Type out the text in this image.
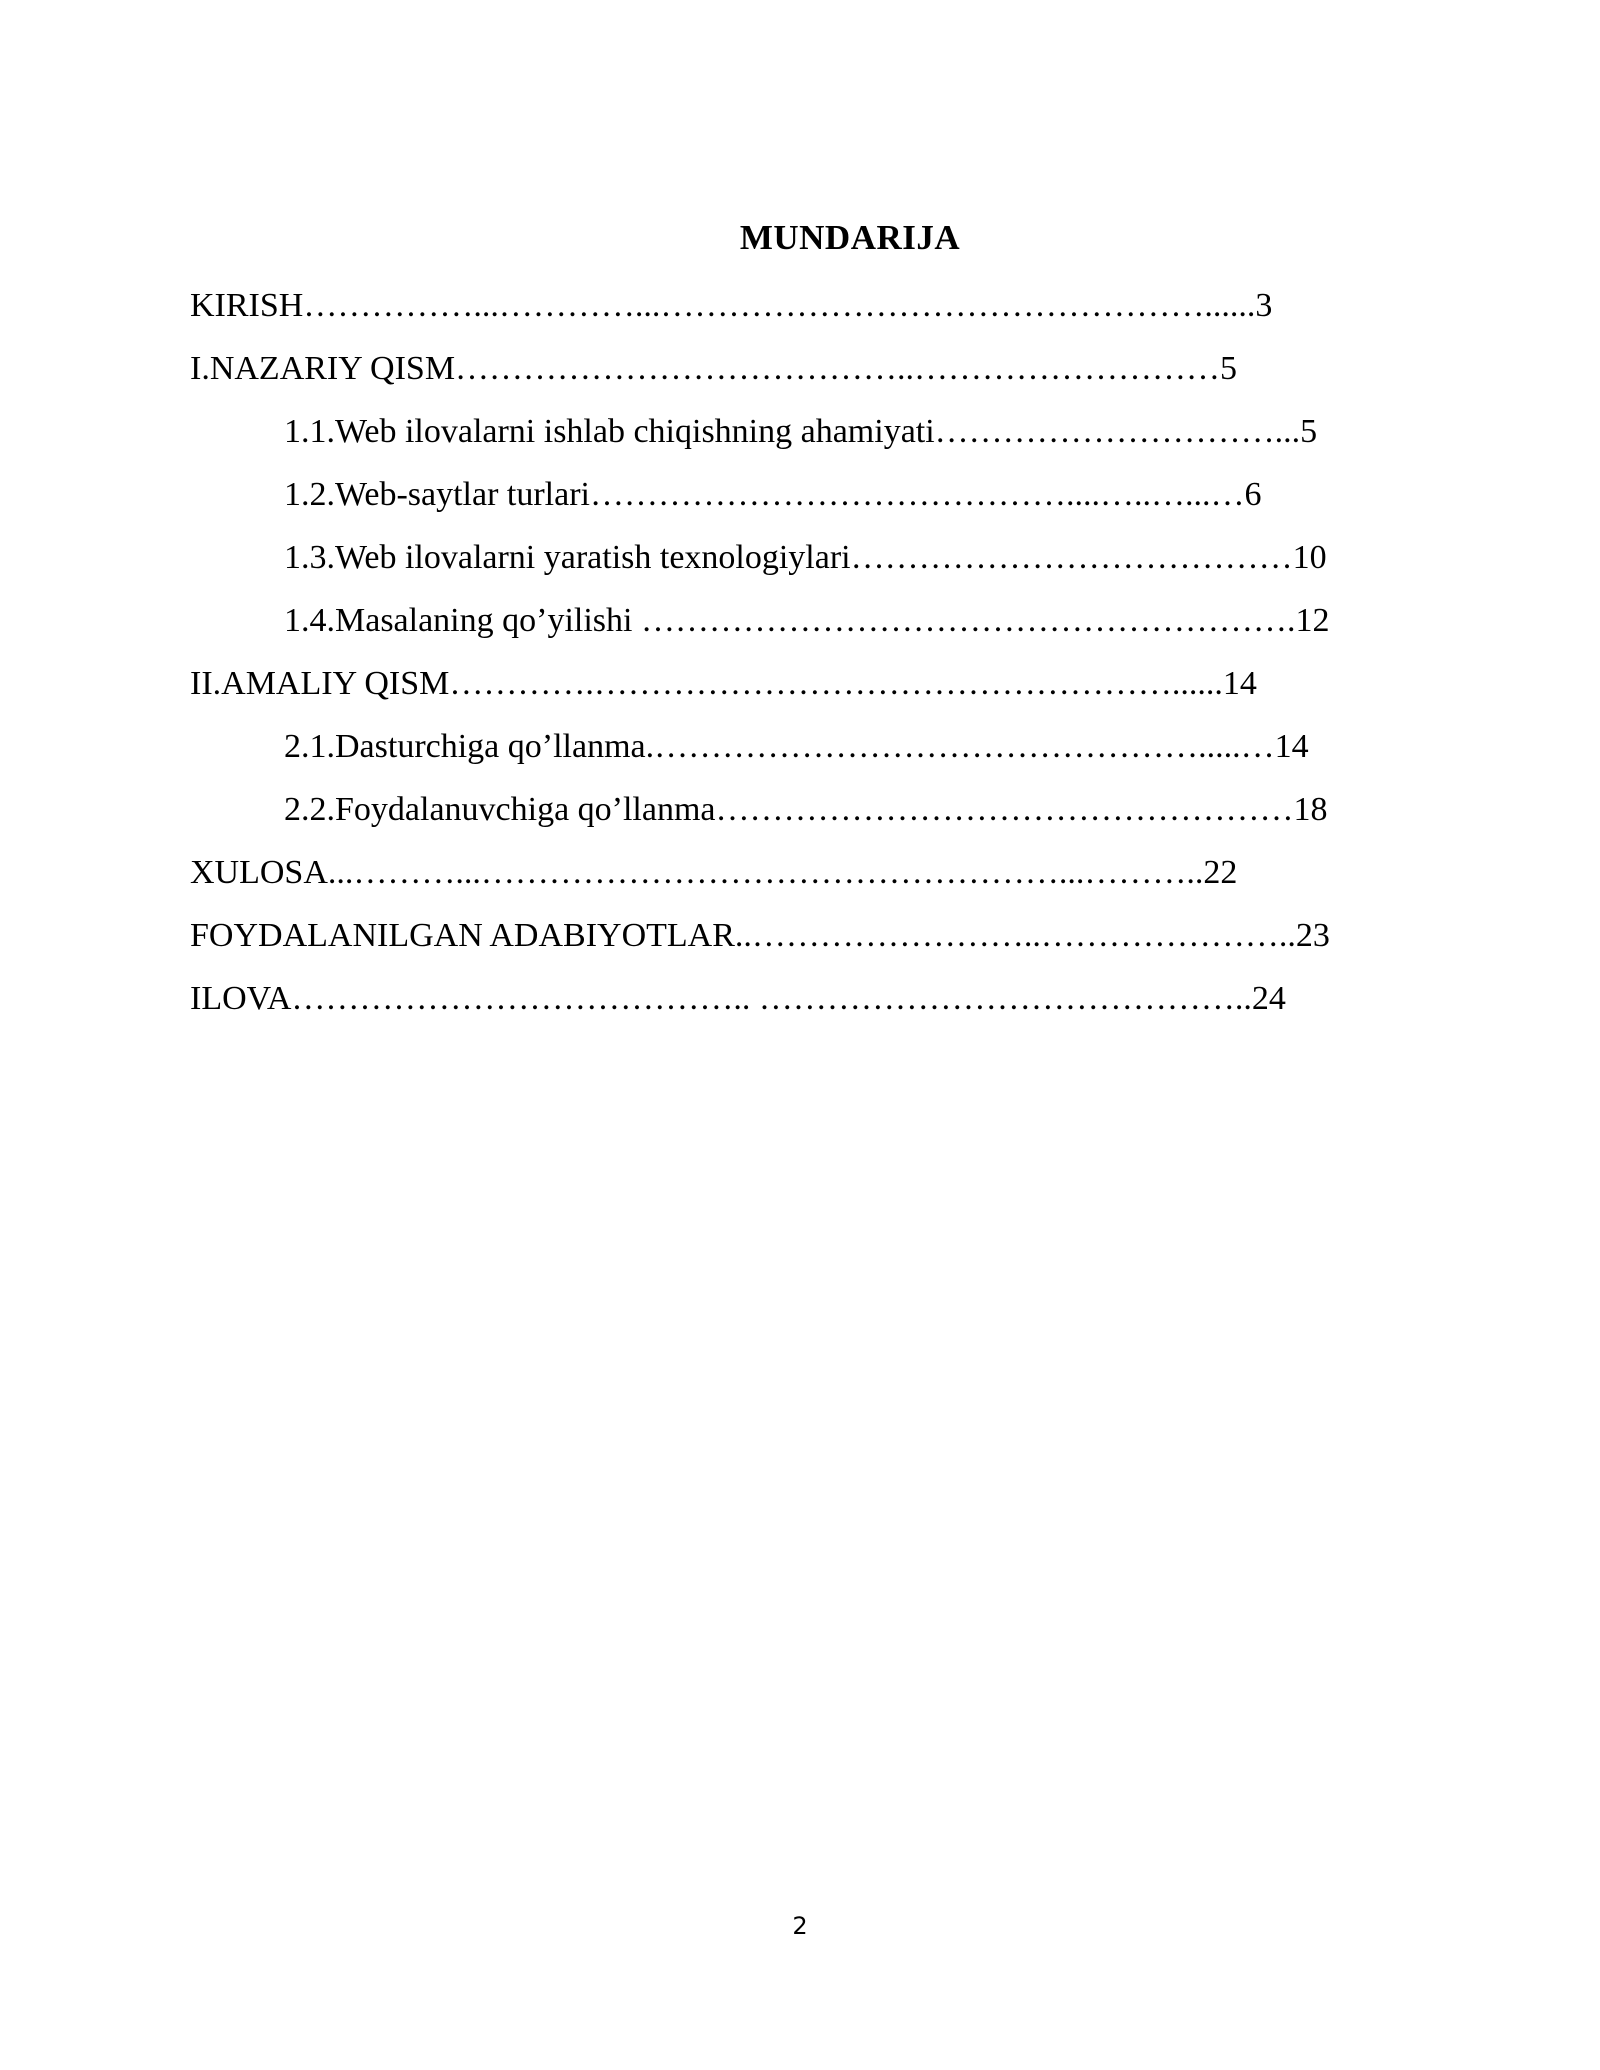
MUNDARIJA
KIRISH……………...…………...…………………………………………......3
I.NAZARIY QISM…………………………………..………………………5
1.1.Web ilovalarni ishlab chiqishning ahamiyati…………………………...5
1.2.Web-saytlar turlari……………………………………....…..…...…6
1.3.Web ilovalarni yaratish texnologiylari…………………………………10
1.4.Masalaning qo’yilishi ………………………………………………….12
II.AMALIY QISM………….……………………………………………......14
2.1.Dasturchiga qo’llanma.………………………………………….....…14
2.2.Foydalanuvchiga qo’llanma……………………………………………18
XULOSA...………...……………………………………………...………..22
FOYDALANILGAN ADABIYOTLAR..……………………..…………………..23
ILOVA………………………………….. ……………………………………..24
2
